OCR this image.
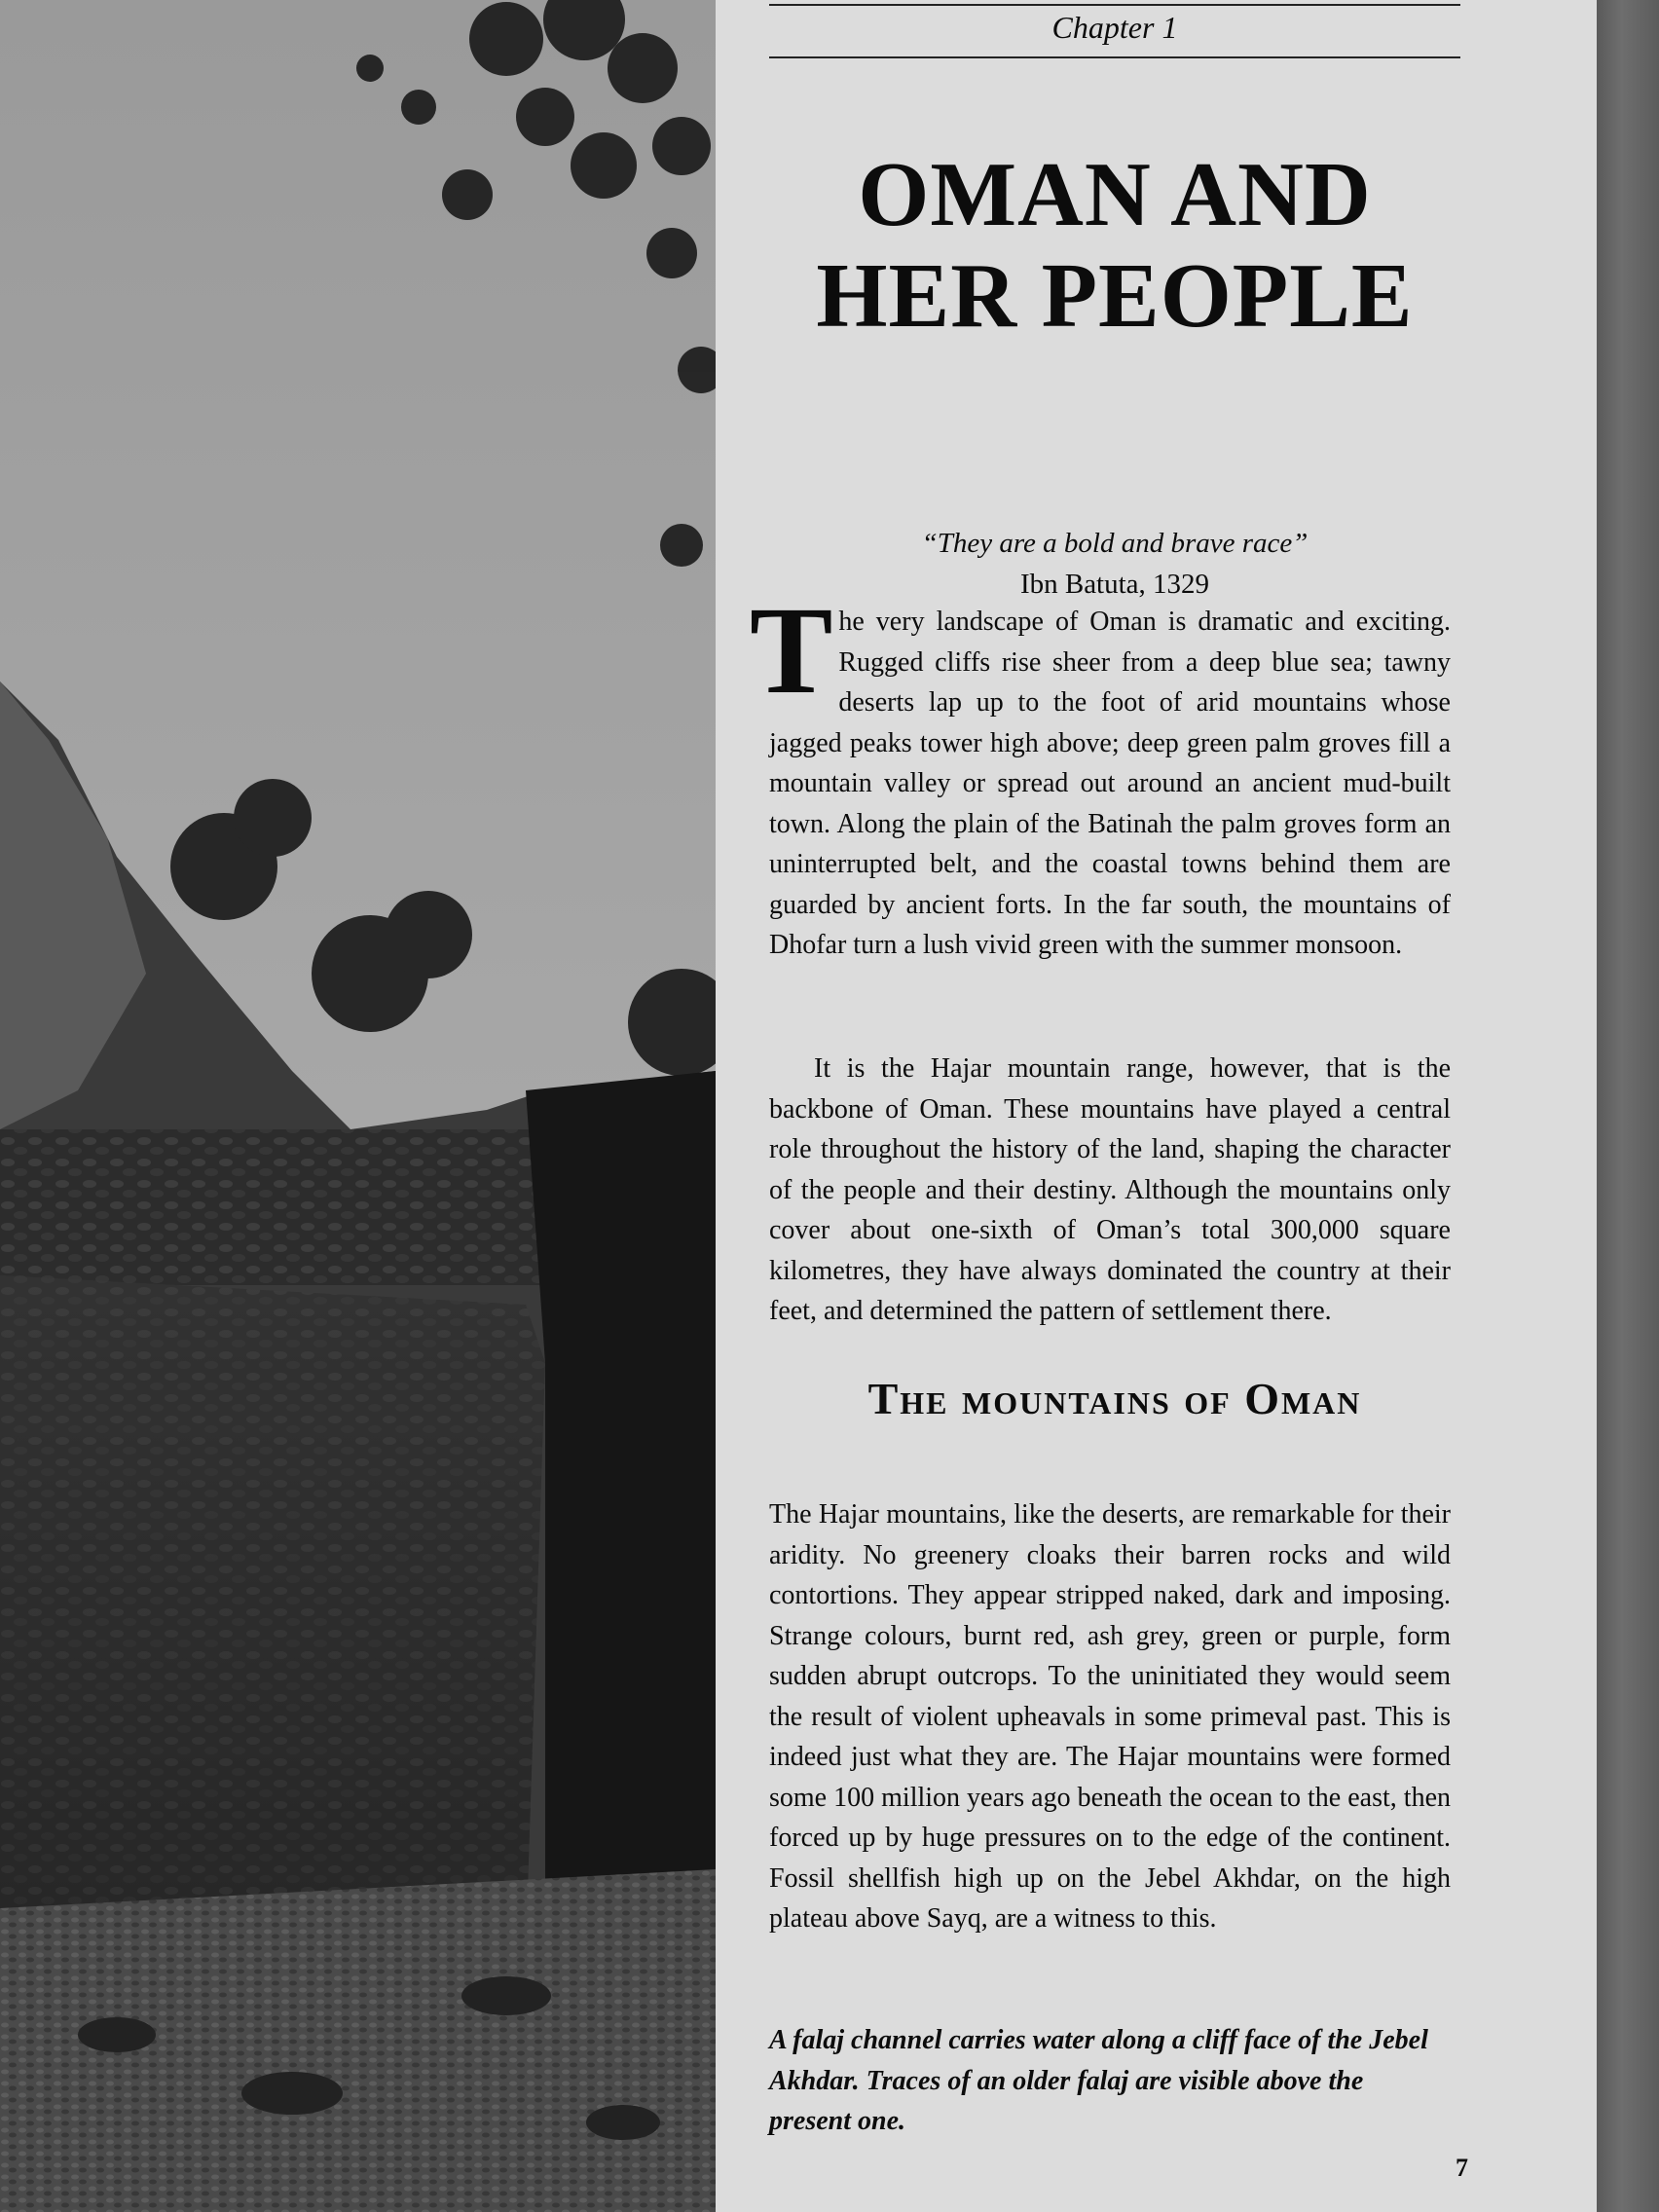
Chapter 1
OMAN AND
HER PEOPLE
“They are a bold and brave race”
Ibn Batuta, 1329

The very landscape of Oman is dramatic and exciting. Rugged cliffs rise sheer from a deep blue sea; tawny deserts lap up to the foot of arid mountains whose jagged peaks tower high above; deep green palm groves fill a mountain valley or spread out around an ancient mud-built town. Along the plain of the Batinah the palm groves form an uninterrupted belt, and the coastal towns behind them are guarded by ancient forts. In the far south, the mountains of Dhofar turn a lush vivid green with the summer monsoon.

It is the Hajar mountain range, however, that is the backbone of Oman. These mountains have played a central role throughout the history of the land, shaping the character of the people and their destiny. Although the mountains only cover about one-sixth of Oman’s total 300,000 square kilometres, they have always dominated the country at their feet, and determined the pattern of settlement there.

The mountains of Oman

The Hajar mountains, like the deserts, are remarkable for their aridity. No greenery cloaks their barren rocks and wild contortions. They appear stripped naked, dark and imposing. Strange colours, burnt red, ash grey, green or purple, form sudden abrupt outcrops. To the uninitiated they would seem the result of violent upheavals in some primeval past. This is indeed just what they are. The Hajar mountains were formed some 100 million years ago beneath the ocean to the east, then forced up by huge pressures on to the edge of the continent. Fossil shellfish high up on the Jebel Akhdar, on the high plateau above Sayq, are a witness to this.

A falaj channel carries water along a cliff face of the Jebel Akhdar. Traces of an older falaj are visible above the present one.

7
